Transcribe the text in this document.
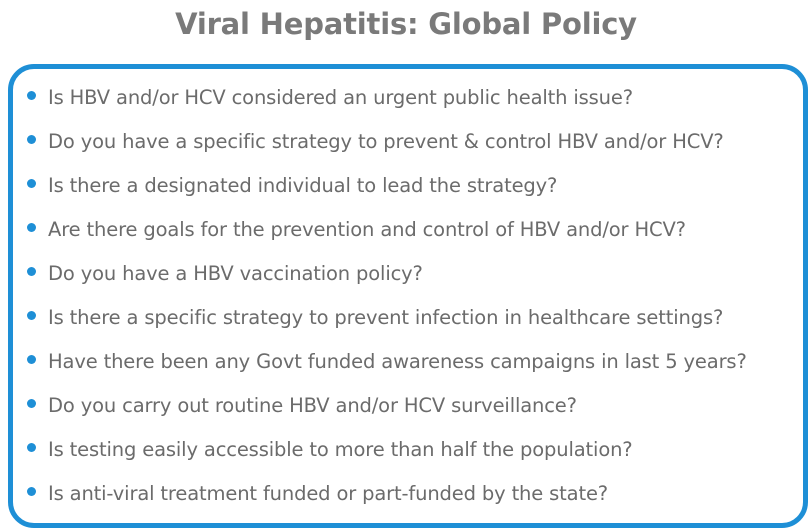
Viral Hepatitis: Global Policy
Is HBV and/or HCV considered an urgent public health issue?
Do you have a specific strategy to prevent & control HBV and/or HCV?
Is there a designated individual to lead the strategy?
Are there goals for the prevention and control of HBV and/or HCV?
Do you have a HBV vaccination policy?
Is there a specific strategy to prevent infection in healthcare settings?
Have there been any Govt funded awareness campaigns in last 5 years?
Do you carry out routine HBV and/or HCV surveillance?
Is testing easily accessible to more than half the population?
Is anti-viral treatment funded or part-funded by the state?
